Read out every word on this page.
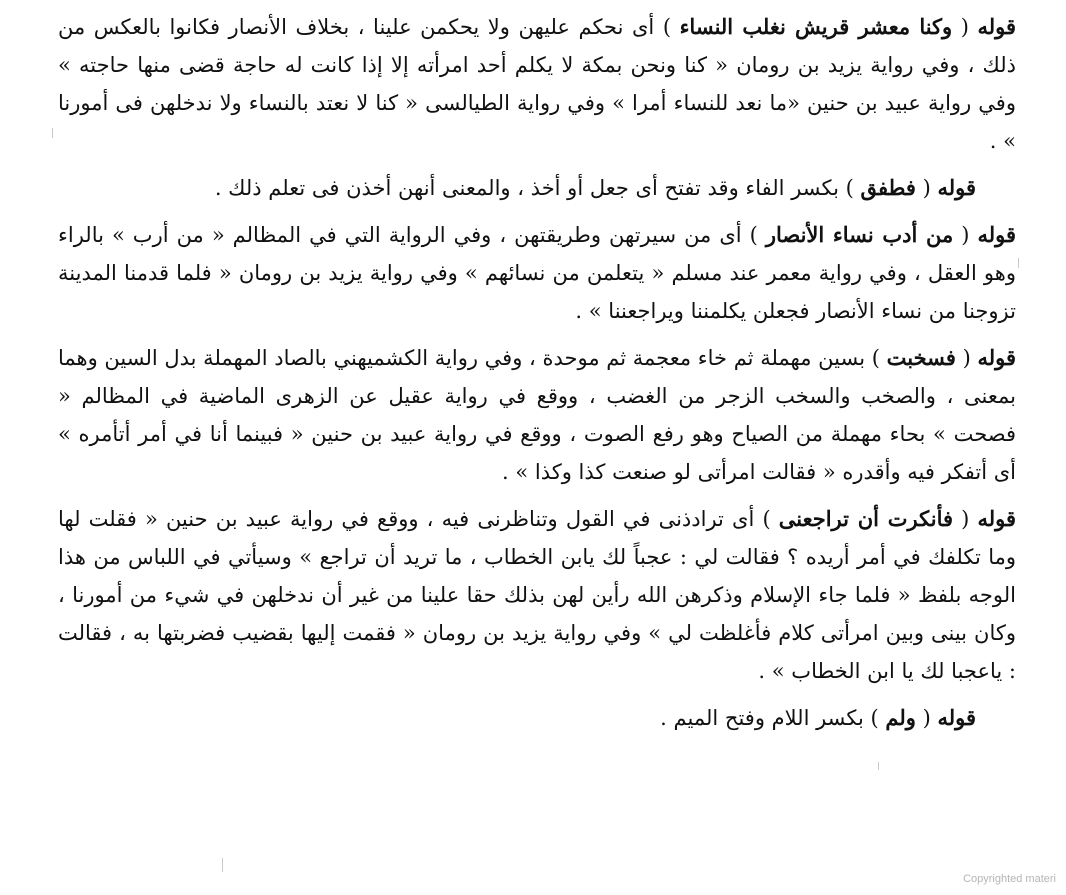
قوله ( وكنا معشر قريش نغلب النساء ) أى نحكم عليهن ولا يحكمن علينا ، بخلاف الأنصار فكانوا بالعكس من ذلك ، وفي رواية يزيد بن رومان « كنا ونحن بمكة لا يكلم أحد امرأته إلا إذا كانت له حاجة قضى منها حاجته » وفي رواية عبيد بن حنين «ما نعد للنساء أمرا » وفي رواية الطيالسى « كنا لا نعتد بالنساء ولا ندخلهن فى أمورنا » .

قوله ( فطفق ) بكسر الفاء وقد تفتح أى جعل أو أخذ ، والمعنى أنهن أخذن فى تعلم ذلك .

قوله ( من أدب نساء الأنصار ) أى من سيرتهن وطريقتهن ، وفي الرواية التي في المظالم « من أرب » بالراء وهو العقل ، وفي رواية معمر عند مسلم « يتعلمن من نسائهم » وفي رواية يزيد بن رومان « فلما قدمنا المدينة تزوجنا من نساء الأنصار فجعلن يكلمننا ويراجعننا » .

قوله ( فسخبت ) بسين مهملة ثم خاء معجمة ثم موحدة ، وفي رواية الكشميهني بالصاد المهملة بدل السين وهما بمعنى ، والصخب والسخب الزجر من الغضب ، ووقع في رواية عقيل عن الزهرى الماضية في المظالم « فصحت » بحاء مهملة من الصياح وهو رفع الصوت ، ووقع في رواية عبيد بن حنين « فبينما أنا في أمر أتأمره » أى أتفكر فيه وأقدره « فقالت امرأتى لو صنعت كذا وكذا » .

قوله ( فأنكرت أن تراجعنى ) أى ترادذنى في القول وتناظرنى فيه ، ووقع في رواية عبيد بن حنين « فقلت لها وما تكلفك في أمر أريده ؟ فقالت لي : عجباً لك يابن الخطاب ، ما تريد أن تراجع » وسيأتي في اللباس من هذا الوجه بلفظ « فلما جاء الإسلام وذكرهن الله رأين لهن بذلك حقا علينا من غير أن ندخلهن في شيء من أمورنا ، وكان بينى وبين امرأتى كلام فأغلظت لي » وفي رواية يزيد بن رومان « فقمت إليها بقضيب فضربتها به ، فقالت : ياعجبا لك يا ابن الخطاب » .

قوله ( ولم ) بكسر اللام وفتح الميم .

Copyrighted materi
